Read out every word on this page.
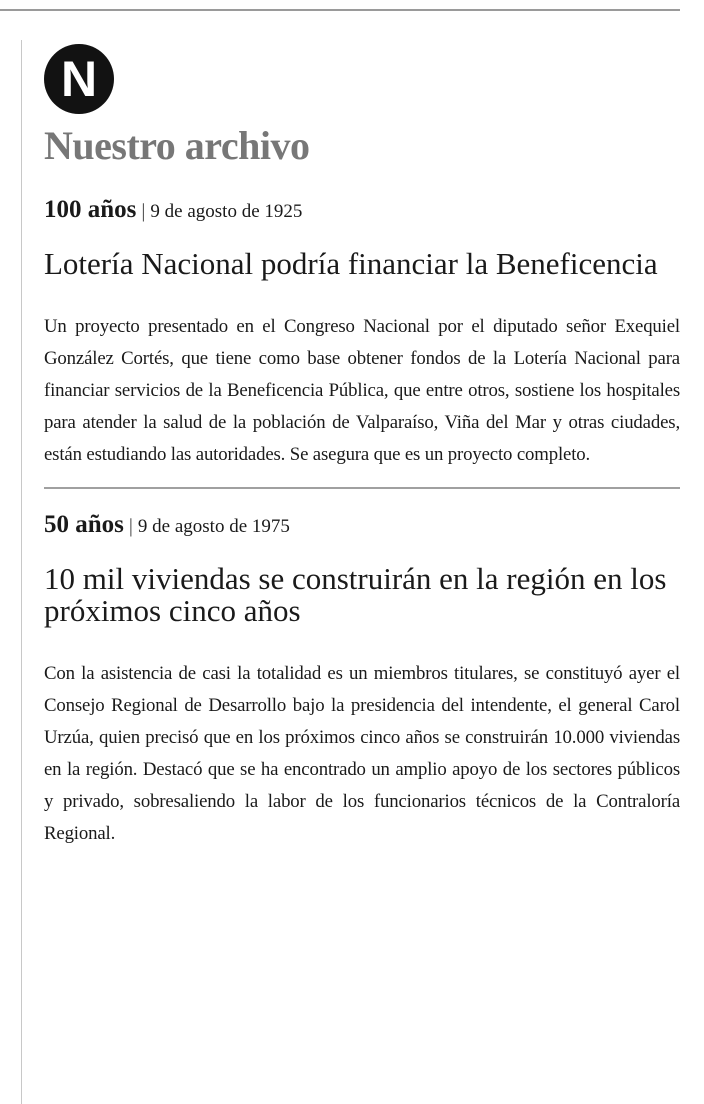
N
Nuestro archivo
100 años | 9 de agosto de 1925
Lotería Nacional podría financiar la Beneficencia

Un proyecto presentado en el Congreso Nacional por el diputado señor Exequiel González Cortés, que tiene como base obtener fondos de la Lotería Nacional para financiar servicios de la Beneficencia Pública, que entre otros, sostiene los hospitales para atender la salud de la población de Valparaíso, Viña del Mar y otras ciudades, están estudiando las autoridades. Se asegura que es un proyecto completo.

50 años | 9 de agosto de 1975
10 mil viviendas se construirán en la región en los próximos cinco años

Con la asistencia de casi la totalidad es un miembros titulares, se constituyó ayer el Consejo Regional de Desarrollo bajo la presidencia del intendente, el general Carol Urzúa, quien precisó que en los próximos cinco años se construirán 10.000 viviendas en la región. Destacó que se ha encontrado un amplio apoyo de los sectores públicos y privado, sobresaliendo la labor de los funcionarios técnicos de la Contraloría Regional.
